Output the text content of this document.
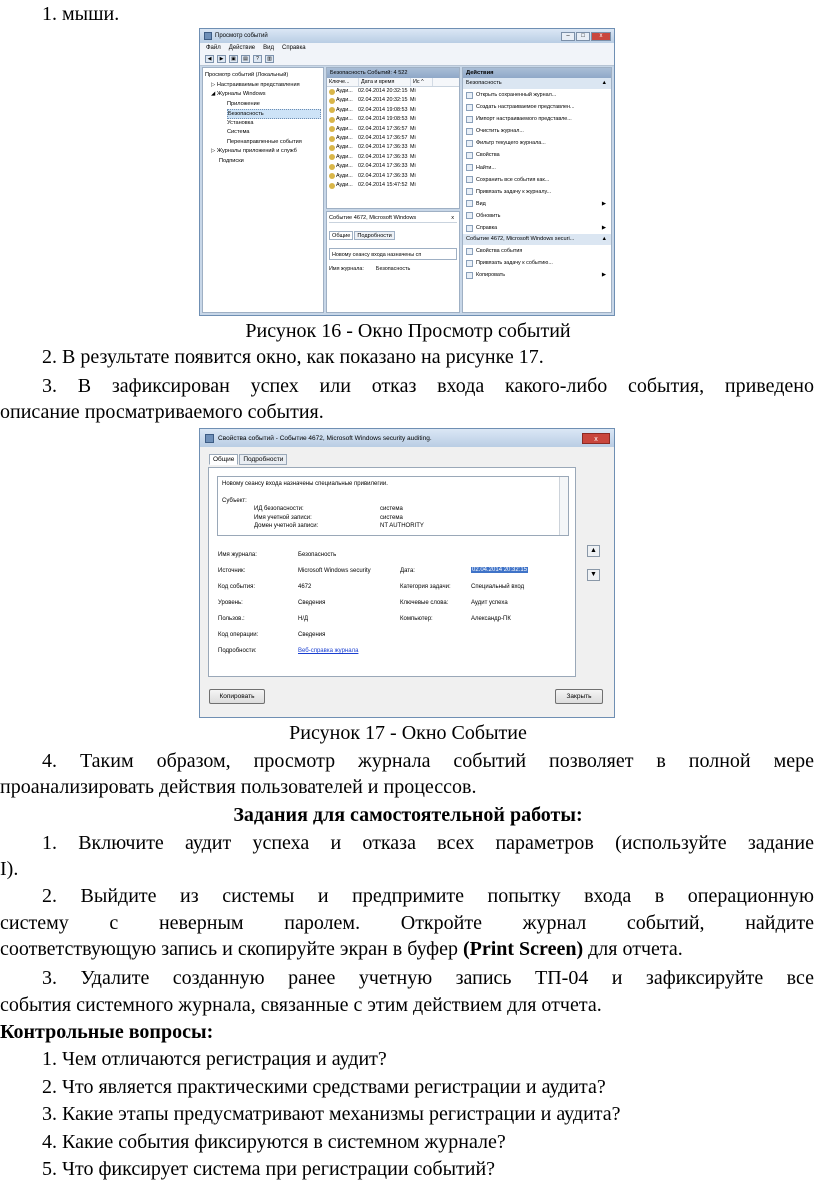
1. мыши.
Просмотр событий	–	□	x
Файл Действие Вид Справка
◀	▶	▣	▤	?	▥
Просмотр событий (Локальный)
▷ Настраиваемые представления
◢ Журналы Windows
Приложение
Безопасность
Установка
Система
Перенаправленные события
▷ Журналы приложений и служб
Подписки
Безопасность Событий: 4 522
Ключе...	Дата и время	Ис ^
Ауди... 02.04.2014 20:32:15 Mi
Ауди... 02.04.2014 20:32:15 Mi
Ауди... 02.04.2014 19:08:53 Mi
Ауди... 02.04.2014 19:08:53 Mi
Ауди... 02.04.2014 17:36:57 Mi
Ауди... 02.04.2014 17:36:57 Mi
Ауди... 02.04.2014 17:36:33 Mi
Ауди... 02.04.2014 17:36:33 Mi
Ауди... 02.04.2014 17:36:33 Mi
Ауди... 02.04.2014 17:36:33 Mi
Ауди... 02.04.2014 15:47:52 Mi
Событие 4672, Microsoft Windows	x
Общие	Подробности
Новому сеансу входа назначены сп
Имя журнала: Безопасность
Действия
Безопасность	▲
Открыть сохраненный журнал...
Создать настраиваемое представлен...
Импорт настраиваемого представле...
Очистить журнал...
Фильтр текущего журнала...
Свойства
Найти...
Сохранить все события как...
Привязать задачу к журналу...
Вид	▶
Обновить
Справка	▶
Событие 4672, Microsoft Windows securi...	▲
Свойства события
Привязать задачу к событию...
Копировать	▶
Рисунок 16 - Окно Просмотр событий
2. В результате появится окно, как показано на рисунке 17.
3. В зафиксирован успех или отказ входа какого-либо события, приведено
описание просматриваемого события.
Свойства событий - Событие 4672, Microsoft Windows security auditing.	x
Общие	Подробности
Новому сеансу входа назначены специальные привилегии.
Субъект:
ИД безопасности:	система
Имя учетной записи:	система
Домен учетной записи:	NT AUTHORITY
Имя журнала:	Безопасность
Источник:	Microsoft Windows security	Дата:	02.04.2014 20:32:15
Код события:	4672	Категория задачи:	Специальный вход
Уровень:	Сведения	Ключевые слова:	Аудит успеха
Пользов.:	Н/Д	Компьютер:	Александр-ПК
Код операции:	Сведения
Подробности:	Веб-справка журнала
▲
▼
Копировать	Закрыть
Рисунок 17 - Окно Событие
4. Таким образом, просмотр журнала событий позволяет в полной мере
проанализировать действия пользователей и процессов.
Задания для самостоятельной работы:
1. Включите аудит успеха и отказа всех параметров (используйте задание
I).
2. Выйдите из системы и предпримите попытку входа в операционную
систему с неверным паролем. Откройте журнал событий, найдите
соответствующую запись и скопируйте экран в буфер (Print Screen) для отчета.
3. Удалите созданную ранее учетную запись ТП-04 и зафиксируйте все
события системного журнала, связанные с этим действием для отчета.
Контрольные вопросы:
1. Чем отличаются регистрация и аудит?
2. Что является практическими средствами регистрации и аудита?
3. Какие этапы предусматривают механизмы регистрации и аудита?
4. Какие события фиксируются в системном журнале?
5. Что фиксирует система при регистрации событий?
